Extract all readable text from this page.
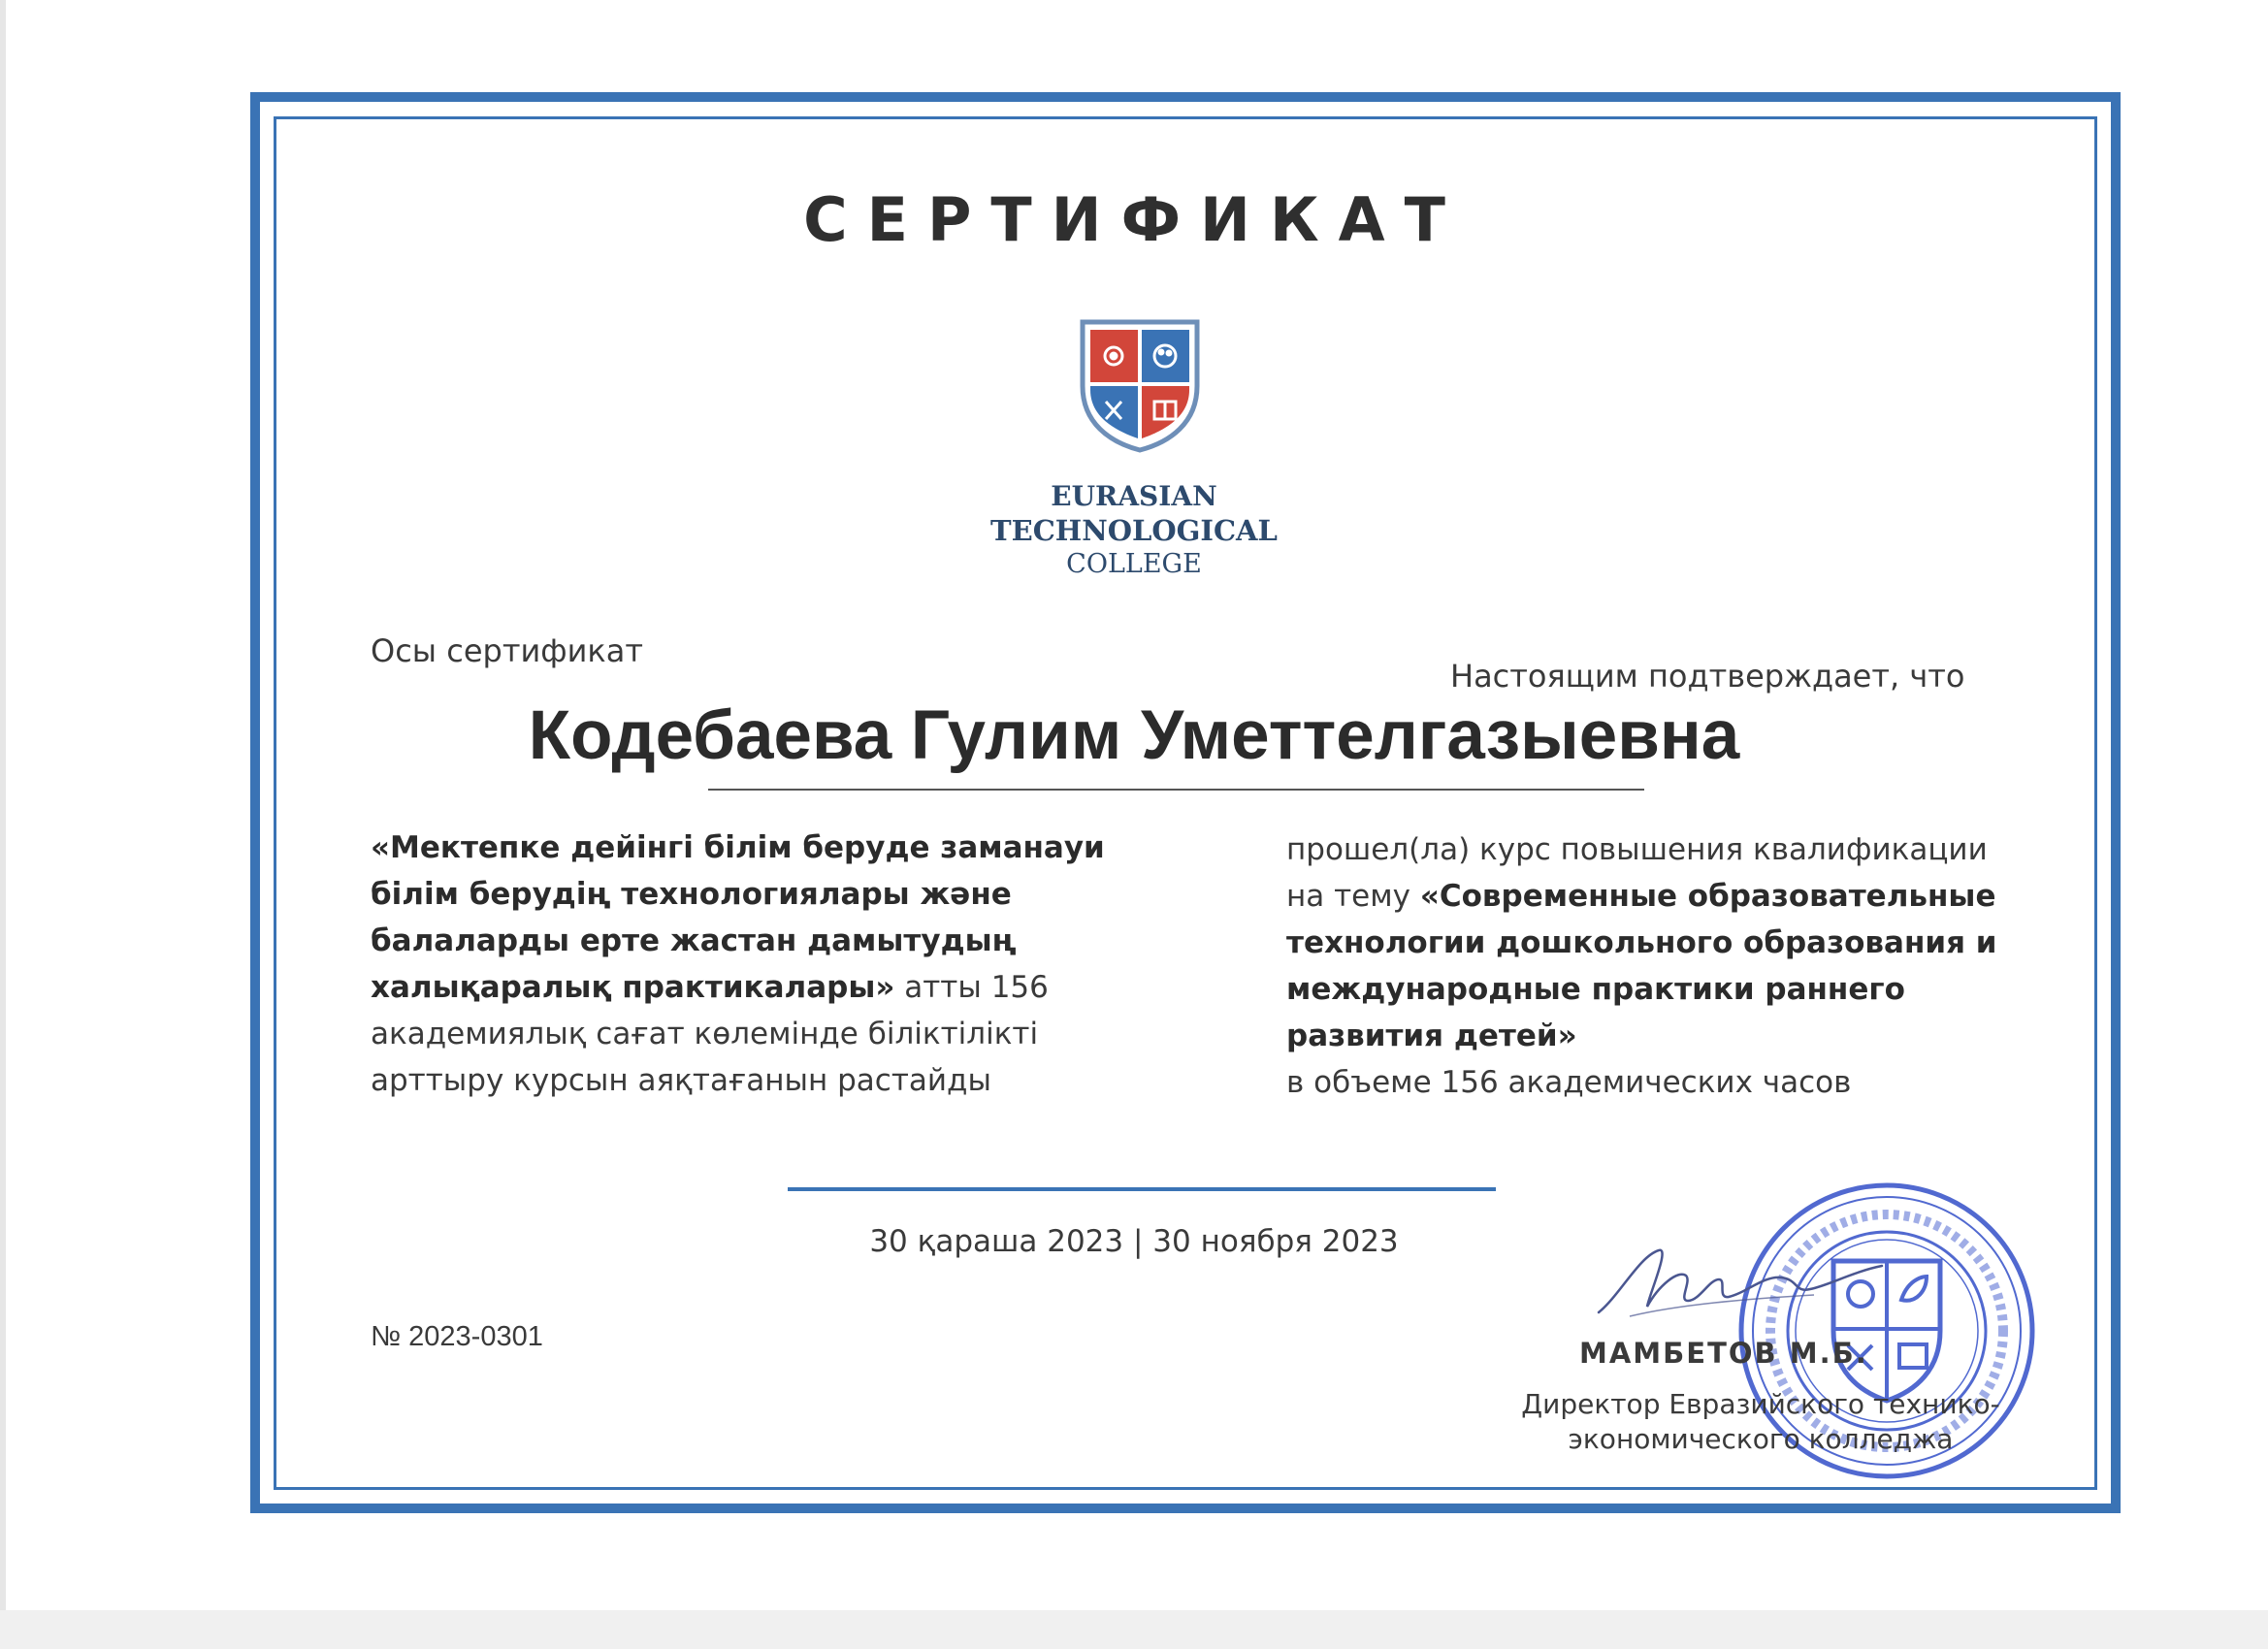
СЕРТИФИКАТ
EURASIAN
TECHNOLOGICAL
COLLEGE
Осы сертификат
Настоящим подтверждает, что
Кодебаева Гулим Уметтелгазыевна
«Мектепке дейінгі білім беруде заманауи білім берудің технологиялары және балаларды ерте жастан дамытудың халықаралық практикалары» атты 156 академиялық сағат көлемінде біліктілікті арттыру курсын аяқтағанын растайды
прошел(ла) курс повышения квалификации на тему «Современные образовательные технологии дошкольного образования и международные практики раннего развития детей»
в объеме 156 академических часов
30 қараша 2023 | 30 ноября 2023
№ 2023-0301	МАМБЕТОВ М.Б.
Директор Евразийского технико-
экономического колледжа
